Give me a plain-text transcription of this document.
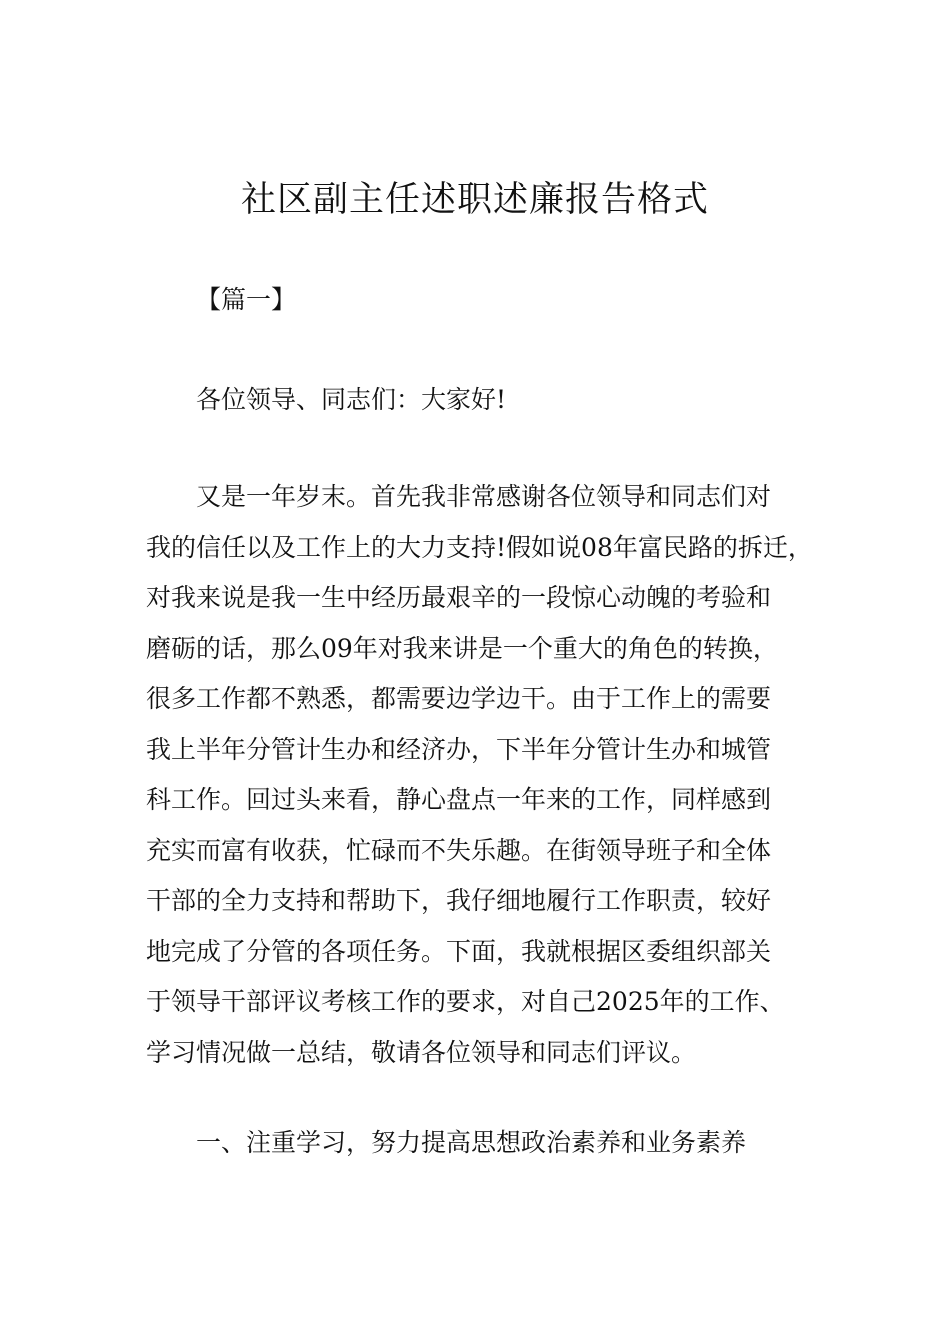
社区副主任述职述廉报告格式
【篇一】
各位领导、同志们：大家好!
又是一年岁末。首先我非常感谢各位领导和同志们对
我的信任以及工作上的大力支持!假如说08年富民路的拆迁，
对我来说是我一生中经历最艰辛的一段惊心动魄的考验和
磨砺的话，那么09年对我来讲是一个重大的角色的转换，
很多工作都不熟悉，都需要边学边干。由于工作上的需要
我上半年分管计生办和经济办，下半年分管计生办和城管
科工作。回过头来看，静心盘点一年来的工作，同样感到
充实而富有收获，忙碌而不失乐趣。在街领导班子和全体
干部的全力支持和帮助下，我仔细地履行工作职责，较好
地完成了分管的各项任务。下面，我就根据区委组织部关
于领导干部评议考核工作的要求，对自己2025年的工作、
学习情况做一总结，敬请各位领导和同志们评议。
一、注重学习，努力提高思想政治素养和业务素养
